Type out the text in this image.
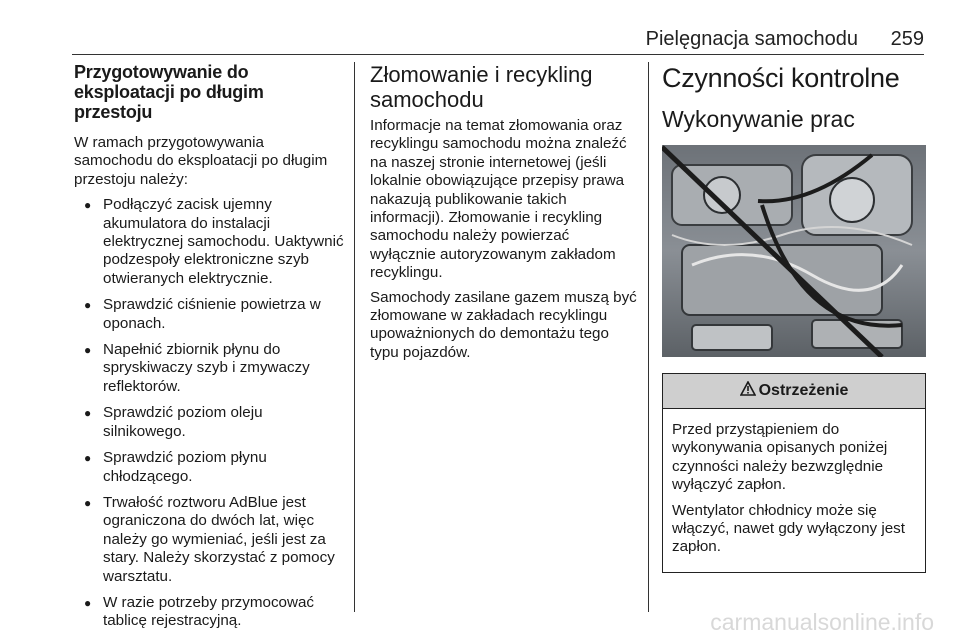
Pielęgnacja samochodu 259
Przygotowywanie do eksploatacji po długim przestoju

W ramach przygotowywania samochodu do eksploatacji po długim przestoju należy:

● Podłączyć zacisk ujemny akumulatora do instalacji elektrycznej samochodu. Uaktywnić podzespoły elektroniczne szyb otwieranych elektrycznie.
● Sprawdzić ciśnienie powietrza w oponach.
● Napełnić zbiornik płynu do spryskiwaczy szyb i zmywaczy reflektorów.
● Sprawdzić poziom oleju silnikowego.
● Sprawdzić poziom płynu chłodzącego.
● Trwałość roztworu AdBlue jest ograniczona do dwóch lat, więc należy go wymieniać, jeśli jest za stary. Należy skorzystać z pomocy warsztatu.
● W razie potrzeby przymocować tablicę rejestracyjną.
Złomowanie i recykling samochodu

Informacje na temat złomowania oraz recyklingu samochodu można znaleźć na naszej stronie internetowej (jeśli lokalnie obowiązujące przepisy prawa nakazują publikowanie takich informacji). Złomowanie i recykling samochodu należy powierzać wyłącznie autoryzowanym zakładom recyklingu.

Samochody zasilane gazem muszą być złomowane w zakładach recyklingu upoważnionych do demontażu tego typu pojazdów.

Czynności kontrolne
Wykonywanie prac
Ostrzeżenie

Przed przystąpieniem do wykonywania opisanych poniżej czynności należy bezwzględnie wyłączyć zapłon.

Wentylator chłodnicy może się włączyć, nawet gdy wyłączony jest zapłon.

carmanualsonline.info
